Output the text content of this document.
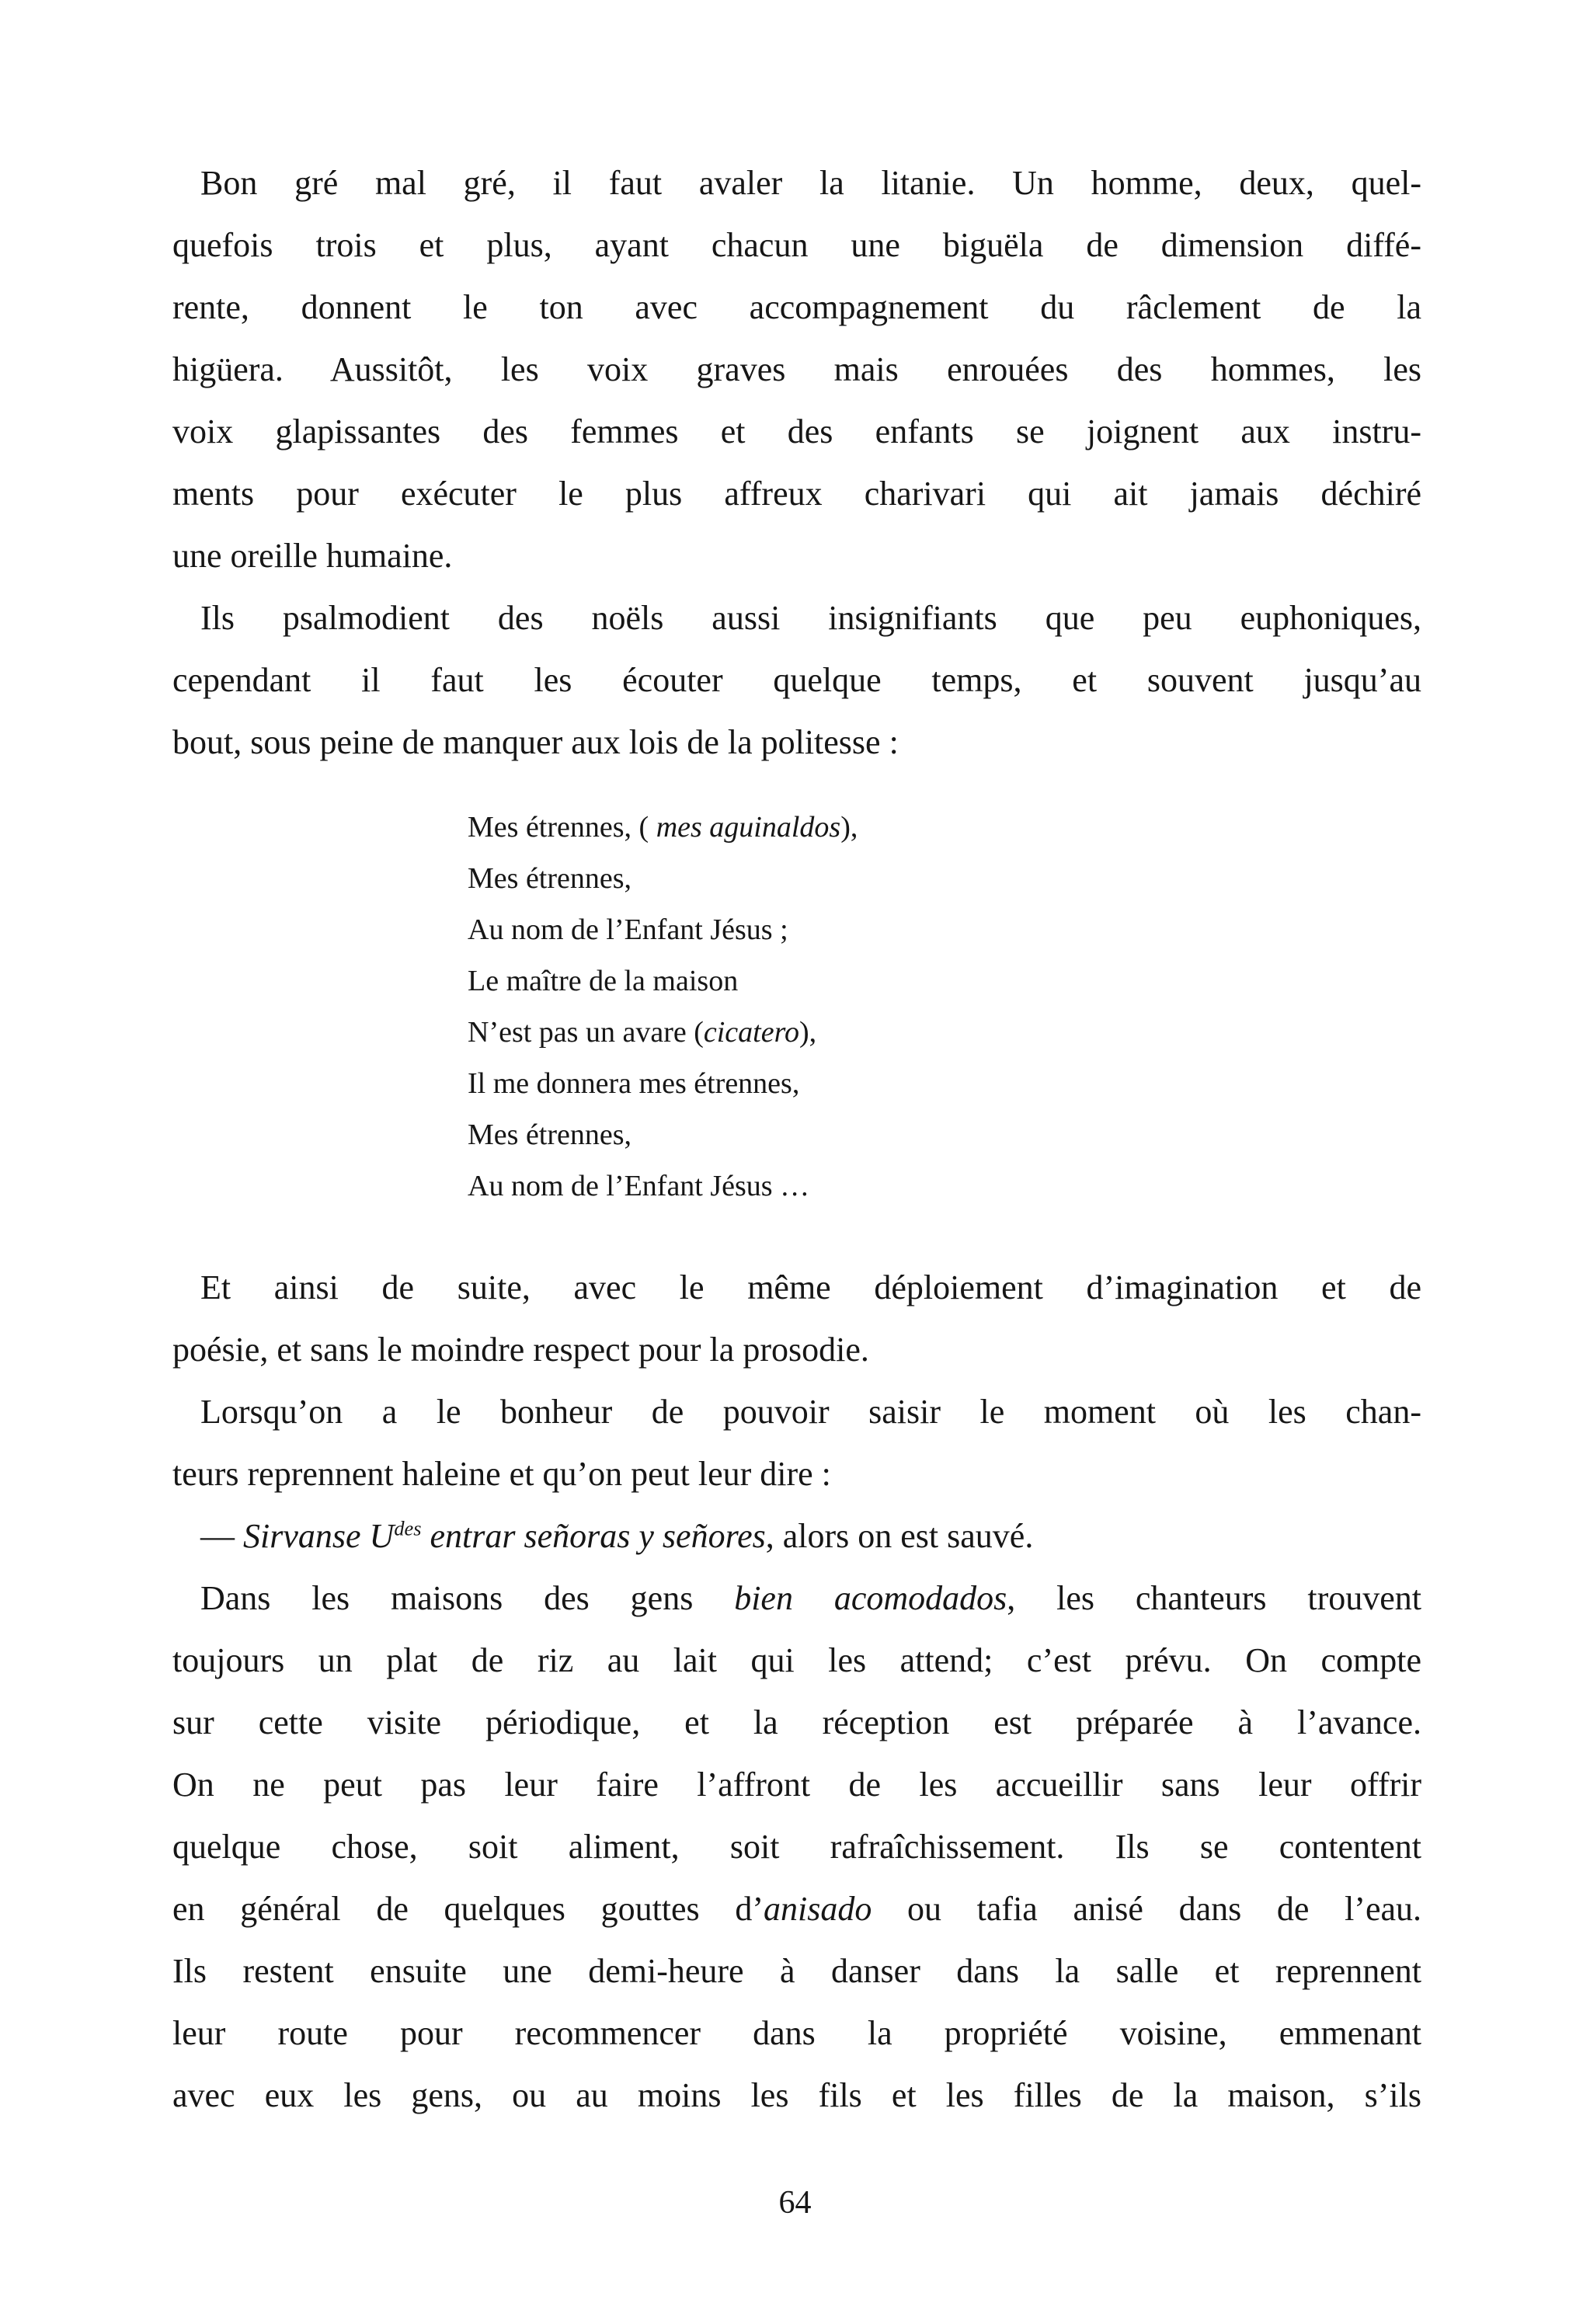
Bon gré mal gré, il faut avaler la litanie. Un homme, deux, quel-
quefois trois et plus, ayant chacun une biguëla de dimension diffé-
rente, donnent le ton avec accompagnement du râclement de la
higüera. Aussitôt, les voix graves mais enrouées des hommes, les
voix glapissantes des femmes et des enfants se joignent aux instru-
ments pour exécuter le plus affreux charivari qui ait jamais déchiré
une oreille humaine.
Ils psalmodient des noëls aussi insignifiants que peu euphoniques,
cependant il faut les écouter quelque temps, et souvent jusqu’au
bout, sous peine de manquer aux lois de la politesse :
Mes étrennes, ( mes aguinaldos),
Mes étrennes,
Au nom de l’Enfant Jésus ;
Le maître de la maison
N’est pas un avare (cicatero),
Il me donnera mes étrennes,
Mes étrennes,
Au nom de l’Enfant Jésus …
Et ainsi de suite, avec le même déploiement d’imagination et de
poésie, et sans le moindre respect pour la prosodie.
Lorsqu’on a le bonheur de pouvoir saisir le moment où les chan-
teurs reprennent haleine et qu’on peut leur dire :
— Sirvanse $U^{des}$ entrar señoras y señores, alors on est sauvé.
Dans les maisons des gens bien acomodados, les chanteurs trouvent
toujours un plat de riz au lait qui les attend; c’est prévu. On compte
sur cette visite périodique, et la réception est préparée à l’avance.
On ne peut pas leur faire l’affront de les accueillir sans leur offrir
quelque chose, soit aliment, soit rafraîchissement. Ils se contentent
en général de quelques gouttes d’anisado ou tafia anisé dans de l’eau.
Ils restent ensuite une demi-heure à danser dans la salle et reprennent
leur route pour recommencer dans la propriété voisine, emmenant
avec eux les gens, ou au moins les fils et les filles de la maison, s’ils
64
